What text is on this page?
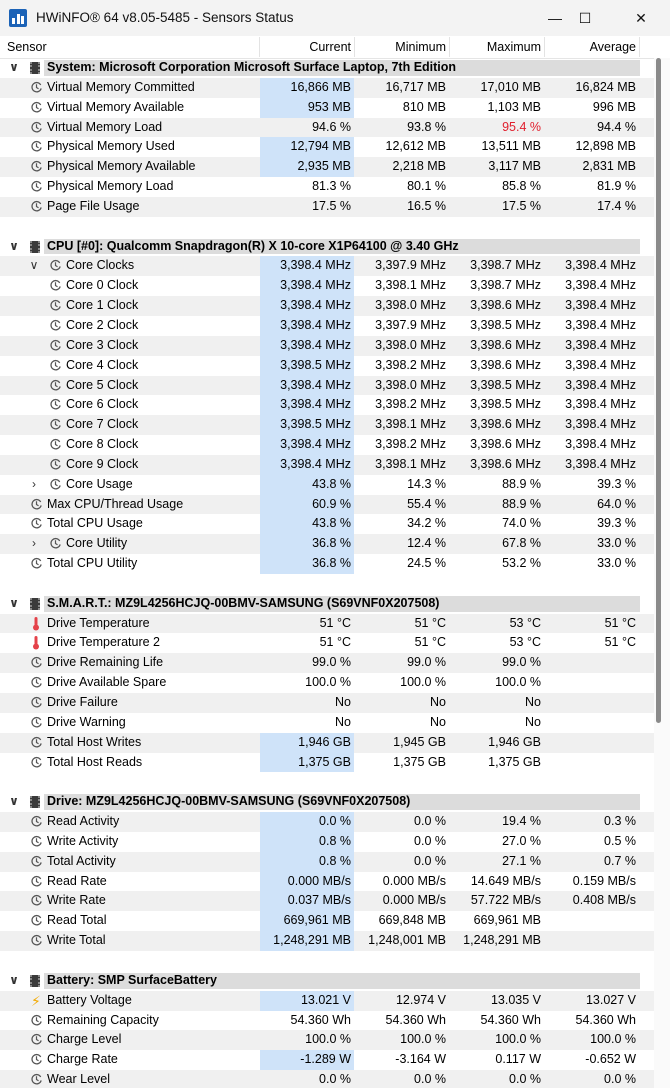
HWiNFO® 64 v8.05-5485 - Sensors Status	—	☐	✕
Sensor	Current	Minimum	Maximum	Average
∨ System: Microsoft Corporation Microsoft Surface Laptop, 7th Edition
Virtual Memory Committed	16,866 MB	16,717 MB	17,010 MB	16,824 MB
Virtual Memory Available	953 MB	810 MB	1,103 MB	996 MB
Virtual Memory Load	94.6 %	93.8 %	95.4 %	94.4 %
Physical Memory Used	12,794 MB	12,612 MB	13,511 MB	12,898 MB
Physical Memory Available	2,935 MB	2,218 MB	3,117 MB	2,831 MB
Physical Memory Load	81.3 %	80.1 %	85.8 %	81.9 %
Page File Usage	17.5 %	16.5 %	17.5 %	17.4 %
∨ CPU [#0]: Qualcomm Snapdragon(R) X 10-core X1P64100 @ 3.40 GHz
∨ Core Clocks	3,398.4 MHz	3,397.9 MHz	3,398.7 MHz	3,398.4 MHz
Core 0 Clock	3,398.4 MHz	3,398.1 MHz	3,398.7 MHz	3,398.4 MHz
Core 1 Clock	3,398.4 MHz	3,398.0 MHz	3,398.6 MHz	3,398.4 MHz
Core 2 Clock	3,398.4 MHz	3,397.9 MHz	3,398.5 MHz	3,398.4 MHz
Core 3 Clock	3,398.4 MHz	3,398.0 MHz	3,398.6 MHz	3,398.4 MHz
Core 4 Clock	3,398.5 MHz	3,398.2 MHz	3,398.6 MHz	3,398.4 MHz
Core 5 Clock	3,398.4 MHz	3,398.0 MHz	3,398.5 MHz	3,398.4 MHz
Core 6 Clock	3,398.4 MHz	3,398.2 MHz	3,398.5 MHz	3,398.4 MHz
Core 7 Clock	3,398.5 MHz	3,398.1 MHz	3,398.6 MHz	3,398.4 MHz
Core 8 Clock	3,398.4 MHz	3,398.2 MHz	3,398.6 MHz	3,398.4 MHz
Core 9 Clock	3,398.4 MHz	3,398.1 MHz	3,398.6 MHz	3,398.4 MHz
›	Core Usage	43.8 %	14.3 %	88.9 %	39.3 %
Max CPU/Thread Usage	60.9 %	55.4 %	88.9 %	64.0 %
Total CPU Usage	43.8 %	34.2 %	74.0 %	39.3 %
›	Core Utility	36.8 %	12.4 %	67.8 %	33.0 %
Total CPU Utility	36.8 %	24.5 %	53.2 %	33.0 %
∨ S.M.A.R.T.: MZ9L4256HCJQ-00BMV-SAMSUNG (S69VNF0X207508)
Drive Temperature	51 °C	51 °C	53 °C	51 °C
Drive Temperature 2	51 °C	51 °C	53 °C	51 °C
Drive Remaining Life	99.0 %	99.0 %	99.0 %
Drive Available Spare	100.0 %	100.0 %	100.0 %
Drive Failure	No	No	No
Drive Warning	No	No	No
Total Host Writes	1,946 GB	1,945 GB	1,946 GB
Total Host Reads	1,375 GB	1,375 GB	1,375 GB
∨ Drive: MZ9L4256HCJQ-00BMV-SAMSUNG (S69VNF0X207508)
Read Activity	0.0 %	0.0 %	19.4 %	0.3 %
Write Activity	0.8 %	0.0 %	27.0 %	0.5 %
Total Activity	0.8 %	0.0 %	27.1 %	0.7 %
Read Rate	0.000 MB/s	0.000 MB/s	14.649 MB/s	0.159 MB/s
Write Rate	0.037 MB/s	0.000 MB/s	57.722 MB/s	0.408 MB/s
Read Total	669,961 MB	669,848 MB	669,961 MB
Write Total	1,248,291 MB	1,248,001 MB	1,248,291 MB
∨ Battery: SMP SurfaceBattery
⚡ Battery Voltage	13.021 V	12.974 V	13.035 V	13.027 V
Remaining Capacity	54.360 Wh	54.360 Wh	54.360 Wh	54.360 Wh
Charge Level	100.0 %	100.0 %	100.0 %	100.0 %
Charge Rate	-1.289 W	-3.164 W	0.117 W	-0.652 W
Wear Level	0.0 %	0.0 %	0.0 %	0.0 %
